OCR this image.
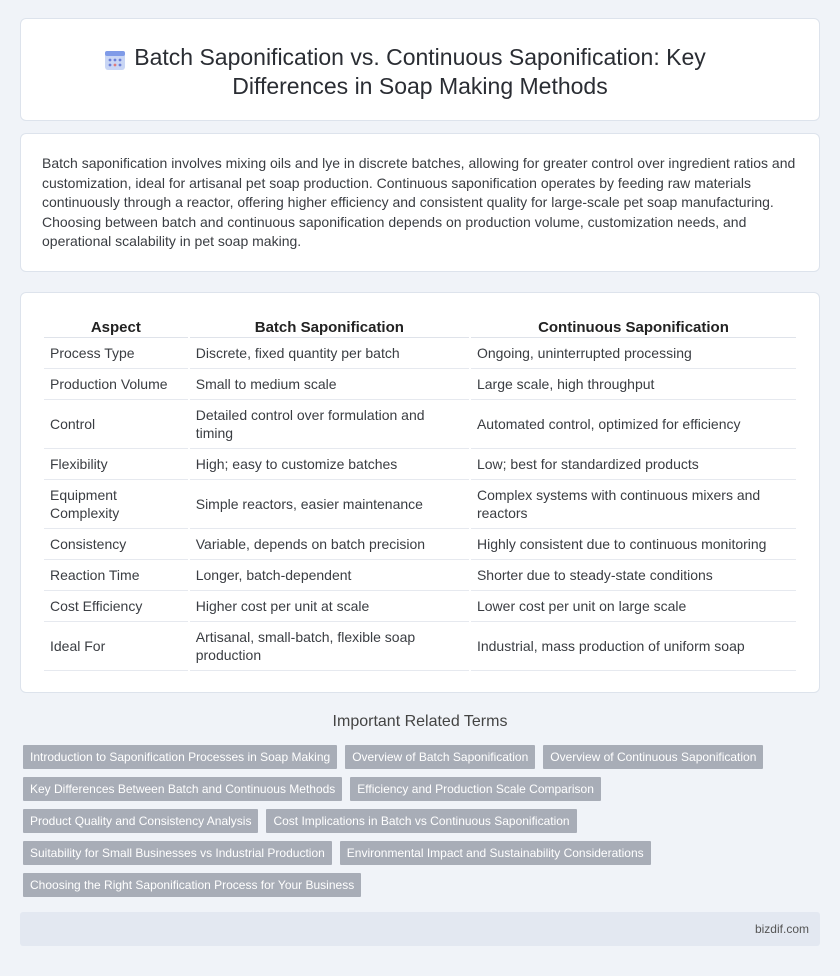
Batch Saponification vs. Continuous Saponification: Key Differences in Soap Making Methods

Batch saponification involves mixing oils and lye in discrete batches, allowing for greater control over ingredient ratios and customization, ideal for artisanal pet soap production. Continuous saponification operates by feeding raw materials continuously through a reactor, offering higher efficiency and consistent quality for large-scale pet soap manufacturing. Choosing between batch and continuous saponification depends on production volume, customization needs, and operational scalability in pet soap making.

Aspect	Batch Saponification	Continuous Saponification
Process Type	Discrete, fixed quantity per batch	Ongoing, uninterrupted processing
Production Volume	Small to medium scale	Large scale, high throughput
Control	Detailed control over formulation and timing	Automated control, optimized for efficiency
Flexibility	High; easy to customize batches	Low; best for standardized products
Equipment Complexity	Simple reactors, easier maintenance	Complex systems with continuous mixers and reactors
Consistency	Variable, depends on batch precision	Highly consistent due to continuous monitoring
Reaction Time	Longer, batch-dependent	Shorter due to steady-state conditions
Cost Efficiency	Higher cost per unit at scale	Lower cost per unit on large scale
Ideal For	Artisanal, small-batch, flexible soap production	Industrial, mass production of uniform soap
Important Related Terms
Introduction to Saponification Processes in Soap Making	Overview of Batch Saponification	Overview of Continuous Saponification
Key Differences Between Batch and Continuous Methods	Efficiency and Production Scale Comparison
Product Quality and Consistency Analysis	Cost Implications in Batch vs Continuous Saponification
Suitability for Small Businesses vs Industrial Production	Environmental Impact and Sustainability Considerations
Choosing the Right Saponification Process for Your Business
bizdif.com
